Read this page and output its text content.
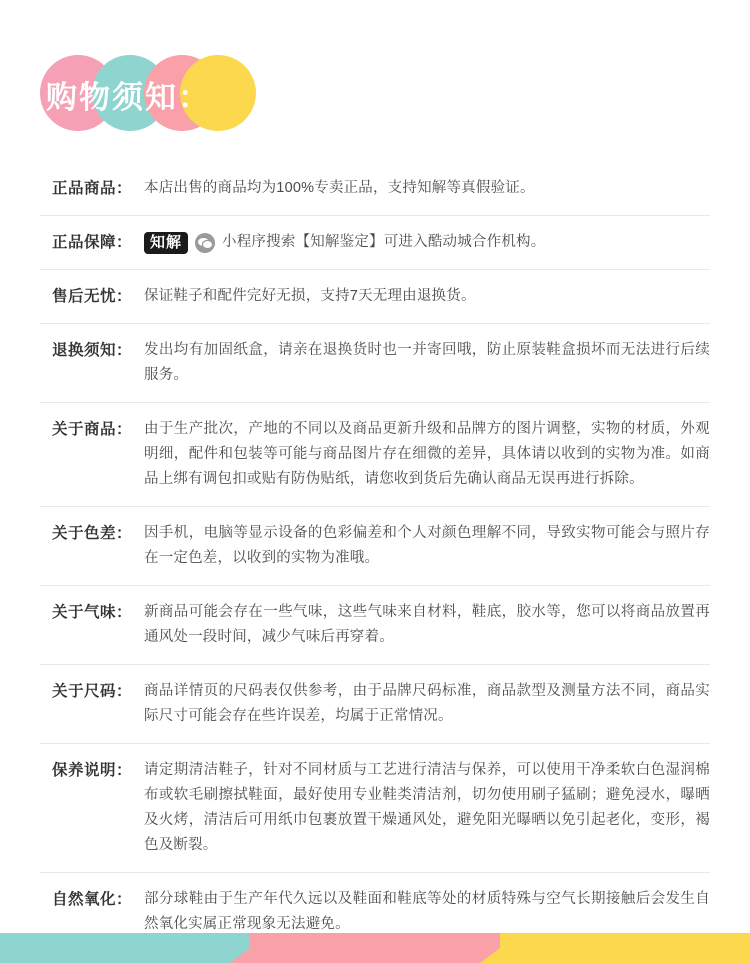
购物须知：
正品商品： 本店出售的商品均为100%专卖正品，支持知解等真假验证。
正品保障：	知解	小程序搜索【知解鉴定】可进入酷动城合作机构。
售后无忧： 保证鞋子和配件完好无损，支持7天无理由退换货。
退换须知： 发出均有加固纸盒，请亲在退换货时也一并寄回哦，防止原装鞋盒损坏而无法进行后续服务。
关于商品： 由于生产批次，产地的不同以及商品更新升级和品牌方的图片调整，实物的材质，外观明细，配件和包装等可能与商品图片存在细微的差异，具体请以收到的实物为准。如商品上绑有调包扣或贴有防伪贴纸，请您收到货后先确认商品无误再进行拆除。
关于色差： 因手机，电脑等显示设备的色彩偏差和个人对颜色理解不同，导致实物可能会与照片存在一定色差，以收到的实物为准哦。
关于气味： 新商品可能会存在一些气味，这些气味来自材料，鞋底，胶水等，您可以将商品放置再通风处一段时间，减少气味后再穿着。
关于尺码： 商品详情页的尺码表仅供参考，由于品牌尺码标准，商品款型及测量方法不同，商品实际尺寸可能会存在些许误差，均属于正常情况。
保养说明： 请定期清洁鞋子，针对不同材质与工艺进行清洁与保养，可以使用干净柔软白色湿润棉布或软毛刷擦拭鞋面，最好使用专业鞋类清洁剂，切勿使用刷子猛刷；避免浸水，曝晒及火烤，清洁后可用纸巾包裹放置干燥通风处，避免阳光曝晒以免引起老化，变形，褐色及断裂。
自然氧化： 部分球鞋由于生产年代久远以及鞋面和鞋底等处的材质特殊与空气长期接触后会发生自然氧化实属正常现象无法避免。
